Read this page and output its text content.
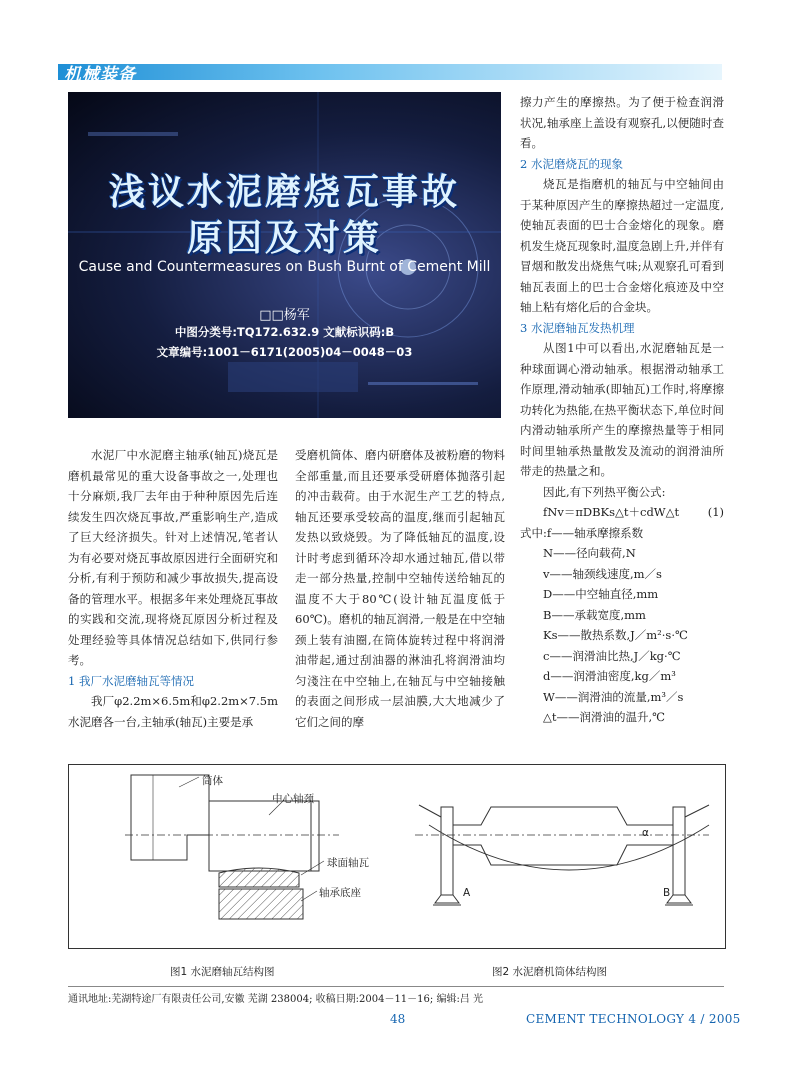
机械装备
浅议水泥磨烧瓦事故
原因及对策
Cause and Countermeasures on Bush Burnt of Cement Mill
□□杨军
中图分类号:TQ172.632.9 文献标识码:B
文章编号:1001－6171(2005)04－0048－03

水泥厂中水泥磨主轴承(轴瓦)烧瓦是磨机最常见的重大设备事故之一,处理也十分麻烦,我厂去年由于种种原因先后连续发生四次烧瓦事故,严重影响生产,造成了巨大经济损失。针对上述情况,笔者认为有必要对烧瓦事故原因进行全面研究和分析,有利于预防和减少事故损失,提高设备的管理水平。根据多年来处理烧瓦事故的实践和交流,现将烧瓦原因分析过程及处理经验等具体情况总结如下,供同行参考。

1 我厂水泥磨轴瓦等情况

我厂φ2.2m×6.5m和φ2.2m×7.5m水泥磨各一台,主轴承(轴瓦)主要是承

受磨机筒体、磨内研磨体及被粉磨的物料全部重量,而且还要承受研磨体抛落引起的冲击载荷。由于水泥生产工艺的特点,轴瓦还要承受较高的温度,继而引起轴瓦发热以致烧毁。为了降低轴瓦的温度,设计时考虑到循环冷却水通过轴瓦,借以带走一部分热量,控制中空轴传送给轴瓦的温度不大于80℃(设计轴瓦温度低于60℃)。磨机的轴瓦润滑,一般是在中空轴颈上装有油圈,在筒体旋转过程中将润滑油带起,通过刮油器的淋油孔将润滑油均匀淺注在中空轴上,在轴瓦与中空轴接触的表面之间形成一层油膜,大大地减少了它们之间的摩

擦力产生的摩擦热。为了便于检查润滑状况,轴承座上盖设有观察孔,以便随时查看。

2 水泥磨烧瓦的现象

烧瓦是指磨机的轴瓦与中空轴间由于某种原因产生的摩擦热超过一定温度,使轴瓦表面的巴士合金熔化的现象。磨机发生烧瓦现象时,温度急剧上升,并伴有冒烟和散发出烧焦气味;从观察孔可看到轴瓦表面上的巴士合金熔化痕迹及中空轴上粘有熔化后的合金块。

3 水泥磨轴瓦发热机理

从图1中可以看出,水泥磨轴瓦是一种球面调心滑动轴承。根据滑动轴承工作原理,滑动轴承(即轴瓦)工作时,将摩擦功转化为热能,在热平衡状态下,单位时间内滑动轴承所产生的摩擦热量等于相同时间里轴承热量散发及流动的润滑油所带走的热量之和。

因此,有下列热平衡公式:

fNv＝πDBKs△t＋cdW△t (1)

式中:f——轴承摩擦系数

N——径向载荷,N

v——轴颈线速度,m／s

D——中空轴直径,mm

B——承载宽度,mm

Ks——散热系数,J／m²·s·℃

c——润滑油比热,J／kg·℃

d——润滑油密度,kg／m³

W——润滑油的流量,m³／s

△t——润滑油的温升,℃

筒体
中心轴颈
球面轴瓦
轴承底座
α
A	B
图1 水泥磨轴瓦结构图	图2 水泥磨机筒体结构图
通讯地址:芜湖特途厂有限责任公司,安徽 芜湖 238004; 收稿日期:2004－11－16; 编辑:吕 光
48	CEMENT TECHNOLOGY 4 / 2005
